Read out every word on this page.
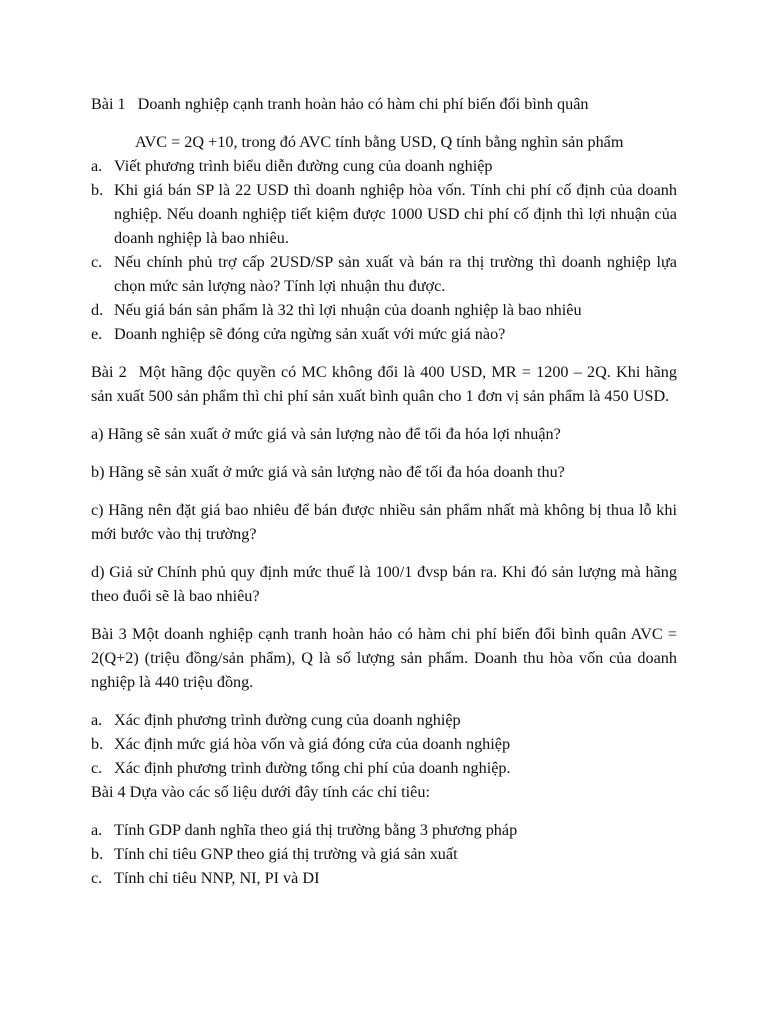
Bài 1 Doanh nghiệp cạnh tranh hoàn hảo có hàm chi phí biến đổi bình quân
AVC = 2Q +10, trong đó AVC tính bằng USD, Q tính bằng nghìn sản phẩm
a. Viết phương trình biểu diễn đường cung của doanh nghiệp
b. Khi giá bán SP là 22 USD thì doanh nghiệp hòa vốn. Tính chi phí cố định của doanh nghiệp. Nếu doanh nghiệp tiết kiệm được 1000 USD chi phí cố định thì lợi nhuận của doanh nghiệp là bao nhiêu.
c. Nếu chính phủ trợ cấp 2USD/SP sản xuất và bán ra thị trường thì doanh nghiệp lựa chọn mức sản lượng nào? Tính lợi nhuận thu được.
d. Nếu giá bán sản phẩm là 32 thì lợi nhuận của doanh nghiệp là bao nhiêu
e. Doanh nghiệp sẽ đóng cửa ngừng sản xuất với mức giá nào?

Bài 2 Một hãng độc quyền có MC không đổi là 400 USD, MR = 1200 – 2Q. Khi hãng sản xuất 500 sản phẩm thì chi phí sản xuất bình quân cho 1 đơn vị sản phẩm là 450 USD.

a) Hãng sẽ sản xuất ở mức giá và sản lượng nào để tối đa hóa lợi nhuận?

b) Hãng sẽ sản xuất ở mức giá và sản lượng nào để tối đa hóa doanh thu?

c) Hãng nên đặt giá bao nhiêu để bán được nhiều sản phẩm nhất mà không bị thua lỗ khi mới bước vào thị trường?

d) Giả sử Chính phủ quy định mức thuế là 100/1 đvsp bán ra. Khi đó sản lượng mà hãng theo đuổi sẽ là bao nhiêu?

Bài 3 Một doanh nghiệp cạnh tranh hoàn hảo có hàm chi phí biến đổi bình quân AVC = 2(Q+2) (triệu đồng/sản phẩm), Q là số lượng sản phẩm. Doanh thu hòa vốn của doanh nghiệp là 440 triệu đồng.

a. Xác định phương trình đường cung của doanh nghiệp
b. Xác định mức giá hòa vốn và giá đóng cửa của doanh nghiệp
c. Xác định phương trình đường tổng chi phí của doanh nghiệp.

Bài 4 Dựa vào các số liệu dưới đây tính các chỉ tiêu:

a. Tính GDP danh nghĩa theo giá thị trường bằng 3 phương pháp
b. Tính chỉ tiêu GNP theo giá thị trường và giá sản xuất
c. Tính chỉ tiêu NNP, NI, PI và DI
